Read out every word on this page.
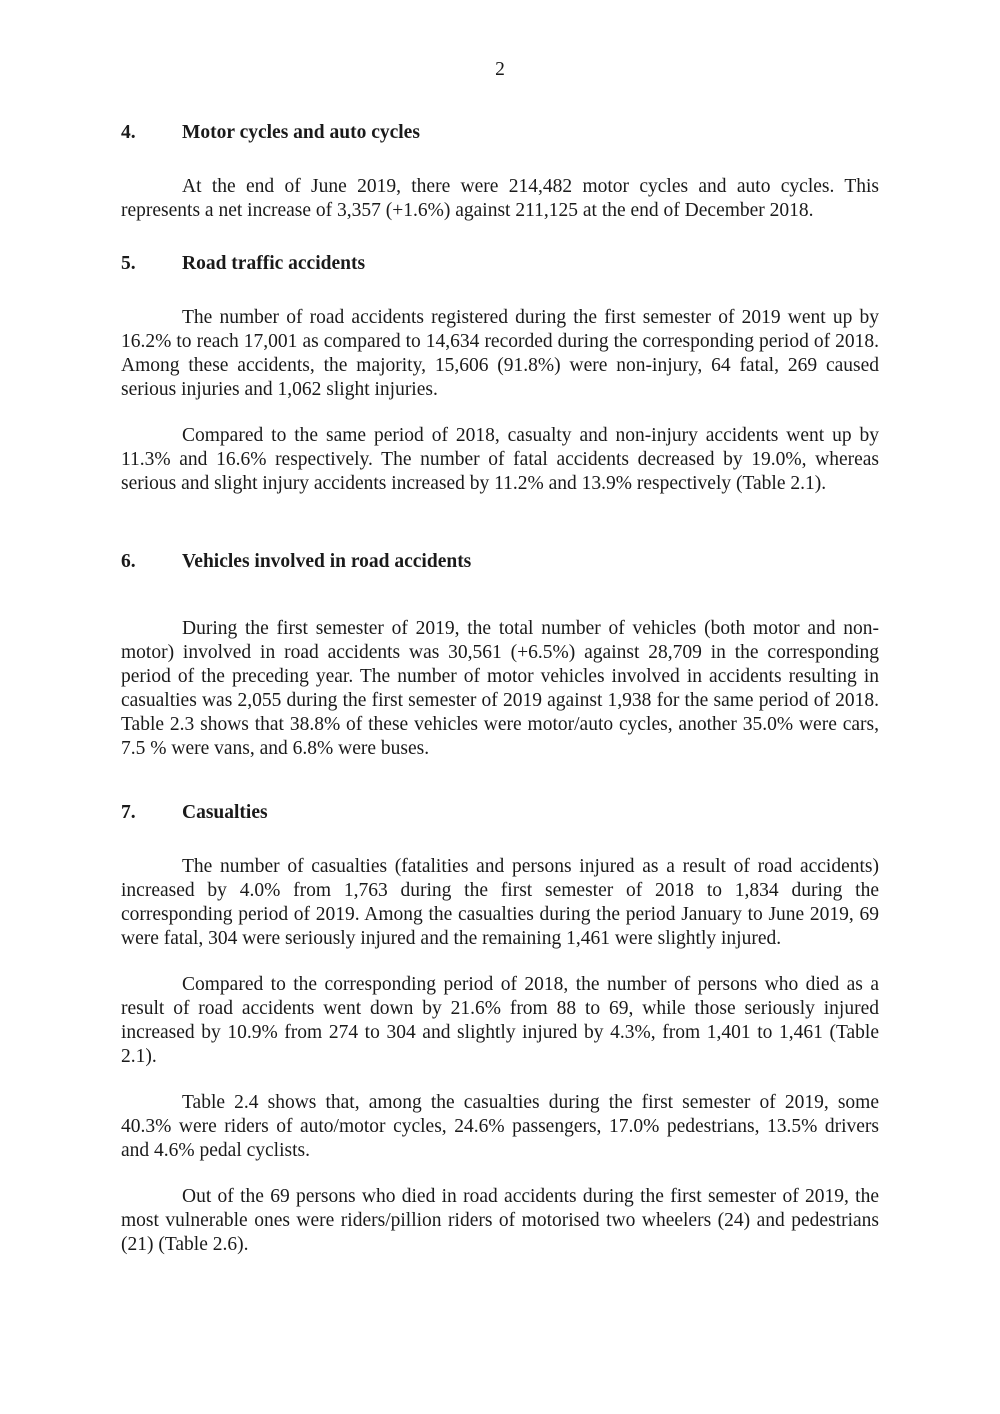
2
4. Motor cycles and auto cycles

At the end of June 2019, there were 214,482 motor cycles and auto cycles. This represents a net increase of 3,357 (+1.6%) against 211,125 at the end of December 2018.

5. Road traffic accidents

The number of road accidents registered during the first semester of 2019 went up by 16.2% to reach 17,001 as compared to 14,634 recorded during the corresponding period of 2018. Among these accidents, the majority, 15,606 (91.8%) were non-injury, 64 fatal, 269 caused serious injuries and 1,062 slight injuries.

Compared to the same period of 2018, casualty and non-injury accidents went up by 11.3% and 16.6% respectively. The number of fatal accidents decreased by 19.0%, whereas serious and slight injury accidents increased by 11.2% and 13.9% respectively (Table 2.1).

6. Vehicles involved in road accidents

During the first semester of 2019, the total number of vehicles (both motor and non-motor) involved in road accidents was 30,561 (+6.5%) against 28,709 in the corresponding period of the preceding year. The number of motor vehicles involved in accidents resulting in casualties was 2,055 during the first semester of 2019 against 1,938 for the same period of 2018. Table 2.3 shows that 38.8% of these vehicles were motor/auto cycles, another 35.0% were cars, 7.5 % were vans, and 6.8% were buses.

7. Casualties

The number of casualties (fatalities and persons injured as a result of road accidents) increased by 4.0% from 1,763 during the first semester of 2018 to 1,834 during the corresponding period of 2019. Among the casualties during the period January to June 2019, 69 were fatal, 304 were seriously injured and the remaining 1,461 were slightly injured.

Compared to the corresponding period of 2018, the number of persons who died as a result of road accidents went down by 21.6% from 88 to 69, while those seriously injured increased by 10.9% from 274 to 304 and slightly injured by 4.3%, from 1,401 to 1,461 (Table 2.1).

Table 2.4 shows that, among the casualties during the first semester of 2019, some 40.3% were riders of auto/motor cycles, 24.6% passengers, 17.0% pedestrians, 13.5% drivers and 4.6% pedal cyclists.

Out of the 69 persons who died in road accidents during the first semester of 2019, the most vulnerable ones were riders/pillion riders of motorised two wheelers (24) and pedestrians (21) (Table 2.6).
